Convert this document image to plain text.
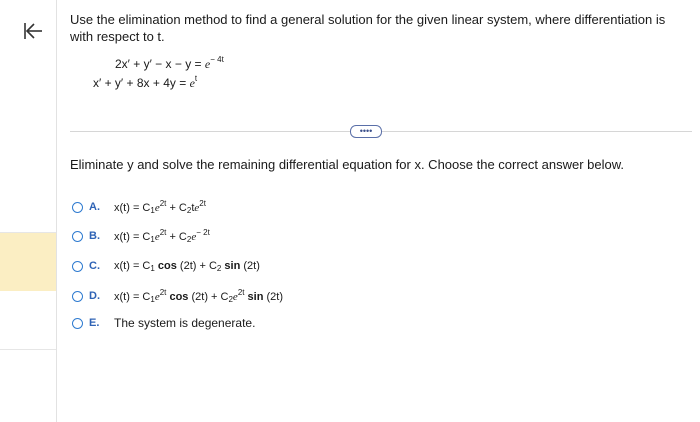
Use the elimination method to find a general solution for the given linear system, where differentiation is with respect to t.
$2x' + y' - x - y = e^{- 4t}$
$x' + y' + 8x + 4y = e^t$
••••
Eliminate y and solve the remaining differential equation for x. Choose the correct answer below.
A.	$x(t) = C_1e^{2t} + C_2te^{2t}$
B.	$x(t) = C_1e^{2t} + C_2e^{- 2t}$
C.	$x(t) = C_1$ $\cos (2t) + C_2$ sin (2t)
D.	$x(t) = C_1e^{2t}$ $\cos (2t) + C_2e^{2t}$ sin (2t)
E.	The system is degenerate.
